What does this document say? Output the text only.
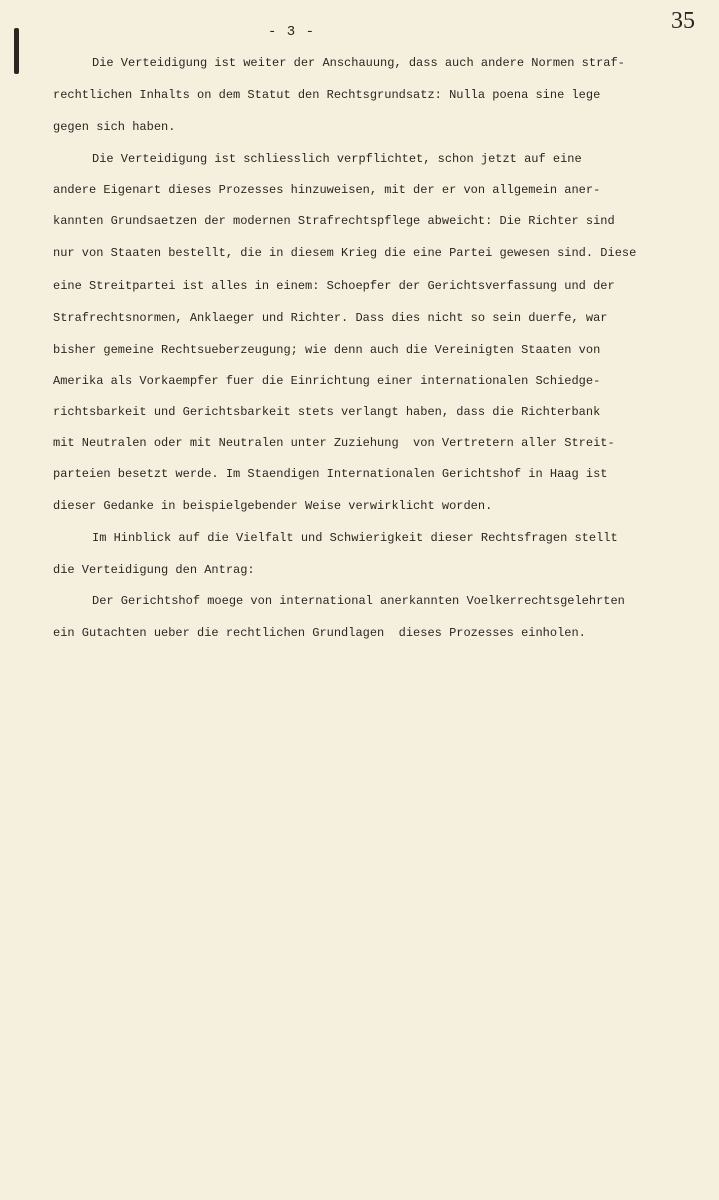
- 3 -	35
Die Verteidigung ist weiter der Anschauung, dass auch andere Normen straf-
rechtlichen Inhalts on dem Statut den Rechtsgrundsatz: Nulla poena sine lege
gegen sich haben.
Die Verteidigung ist schliesslich verpflichtet, schon jetzt auf eine
andere Eigenart dieses Prozesses hinzuweisen, mit der er von allgemein aner-
kannten Grundsaetzen der modernen Strafrechtspflege abweicht: Die Richter sind
nur von Staaten bestellt, die in diesem Krieg die eine Partei gewesen sind. Diese
eine Streitpartei ist alles in einem: Schoepfer der Gerichtsverfassung und der
Strafrechtsnormen, Anklaeger und Richter. Dass dies nicht so sein duerfe, war
bisher gemeine Rechtsueberzeugung; wie denn auch die Vereinigten Staaten von
Amerika als Vorkaempfer fuer die Einrichtung einer internationalen Schiedge-
richtsbarkeit und Gerichtsbarkeit stets verlangt haben, dass die Richterbank
mit Neutralen oder mit Neutralen unter Zuziehung  von Vertretern aller Streit-
parteien besetzt werde. Im Staendigen Internationalen Gerichtshof in Haag ist
dieser Gedanke in beispielgebender Weise verwirklicht worden.
Im Hinblick auf die Vielfalt und Schwierigkeit dieser Rechtsfragen stellt
die Verteidigung den Antrag:
Der Gerichtshof moege von international anerkannten Voelkerrechtsgelehrten
ein Gutachten ueber die rechtlichen Grundlagen  dieses Prozesses einholen.
